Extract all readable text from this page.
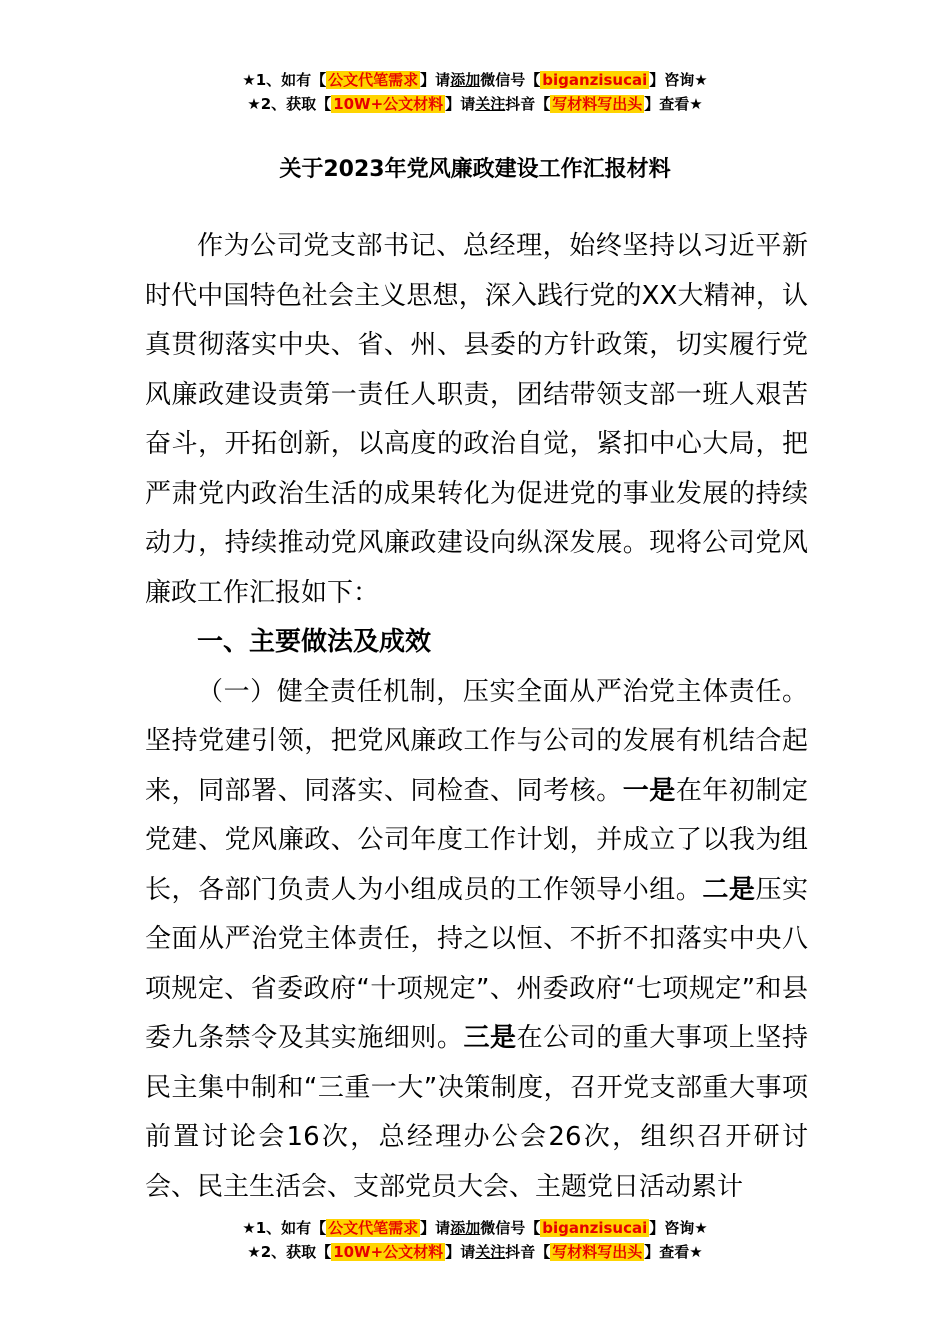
★1、如有【 公文代笔需求 】请添加微信号【 biganzisucai 】咨询★
★2、获取【 10W+公文材料 】请关注抖音【 写材料写出头 】查看★
关于2023年党风廉政建设工作汇报材料

作为公司党支部书记、总经理，始终坚持以习近平新时代中国特色社会主义思想，深入践行党的XX大精神，认真贯彻落实中央、省、州、县委的方针政策，切实履行党风廉政建设责第一责任人职责，团结带领支部一班人艰苦奋斗，开拓创新，以高度的政治自觉，紧扣中心大局，把严肃党内政治生活的成果转化为促进党的事业发展的持续动力，持续推动党风廉政建设向纵深发展。现将公司党风廉政工作汇报如下：

一、主要做法及成效

（一）健全责任机制，压实全面从严治党主体责任。坚持党建引领，把党风廉政工作与公司的发展有机结合起来，同部署、同落实、同检查、同考核。一是在年初制定党建、党风廉政、公司年度工作计划，并成立了以我为组长，各部门负责人为小组成员的工作领导小组。二是压实全面从严治党主体责任，持之以恒、不折不扣落实中央八项规定、省委政府“十项规定”、州委政府“七项规定”和县委九条禁令及其实施细则。三是在公司的重大事项上坚持民主集中制和“三重一大”决策制度，召开党支部重大事项前置讨论会16次，总经理办公会26次，组织召开研讨会、民主生活会、支部党员大会、主题党日活动累计

★1、如有【 公文代笔需求 】请添加微信号【 biganzisucai 】咨询★
★2、获取【 10W+公文材料 】请关注抖音【 写材料写出头 】查看★
